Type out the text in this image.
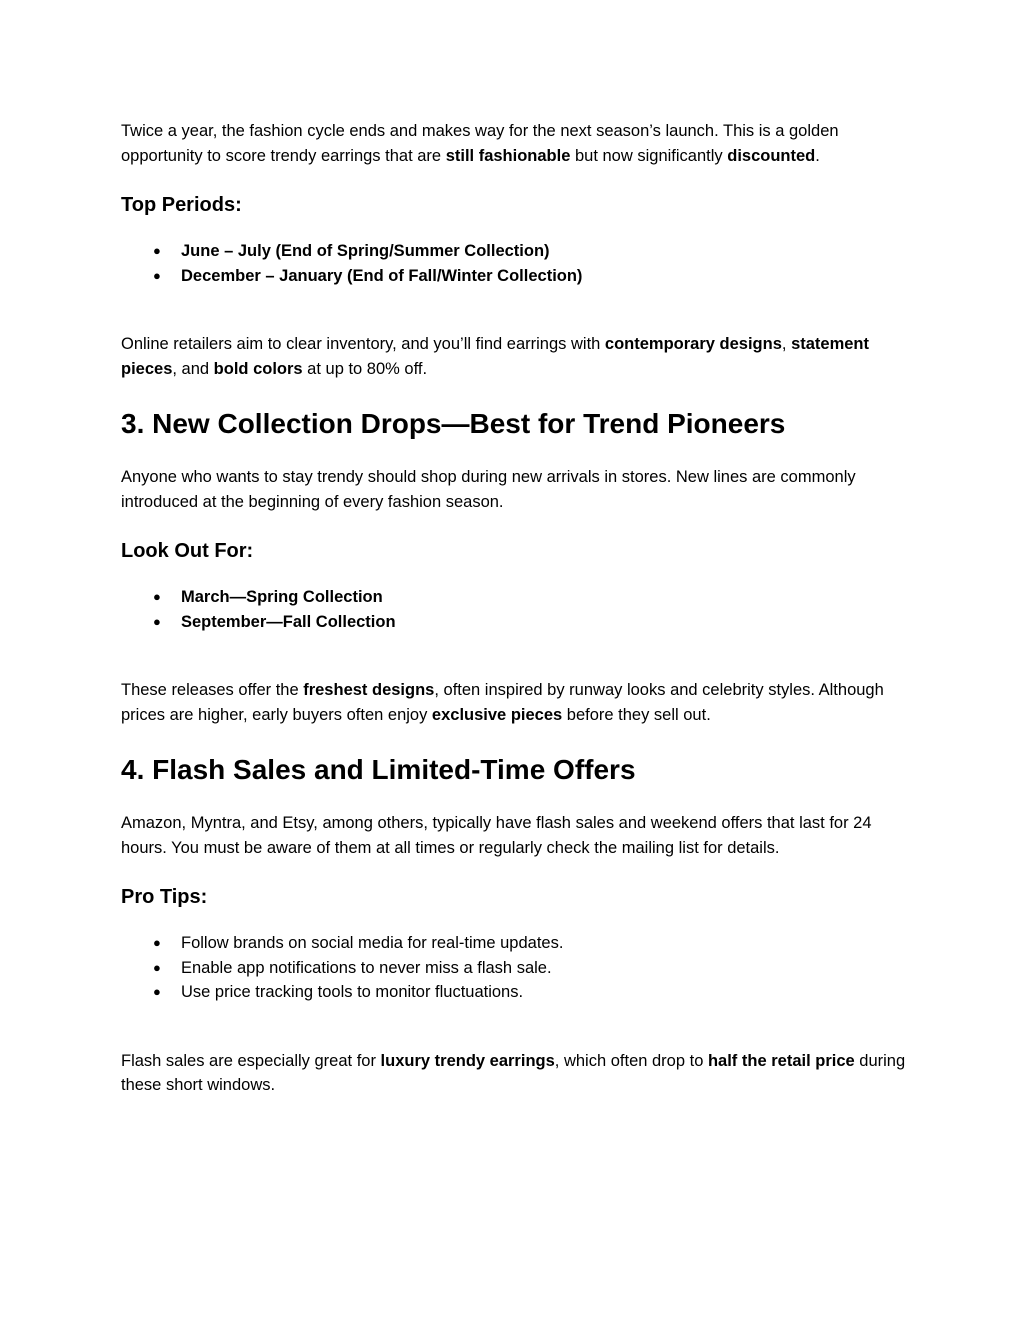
Twice a year, the fashion cycle ends and makes way for the next season’s launch. This is a golden opportunity to score trendy earrings that are still fashionable but now significantly discounted.

Top Periods:
● June – July (End of Spring/Summer Collection)
● December – January (End of Fall/Winter Collection)

Online retailers aim to clear inventory, and you’ll find earrings with contemporary designs, statement pieces, and bold colors at up to 80% off.

3. New Collection Drops—Best for Trend Pioneers

Anyone who wants to stay trendy should shop during new arrivals in stores. New lines are commonly introduced at the beginning of every fashion season.

Look Out For:
● March—Spring Collection
● September—Fall Collection

These releases offer the freshest designs, often inspired by runway looks and celebrity styles. Although prices are higher, early buyers often enjoy exclusive pieces before they sell out.

4. Flash Sales and Limited-Time Offers

Amazon, Myntra, and Etsy, among others, typically have flash sales and weekend offers that last for 24 hours. You must be aware of them at all times or regularly check the mailing list for details.

Pro Tips:
● Follow brands on social media for real-time updates.
● Enable app notifications to never miss a flash sale.
● Use price tracking tools to monitor fluctuations.

Flash sales are especially great for luxury trendy earrings, which often drop to half the retail price during these short windows.
